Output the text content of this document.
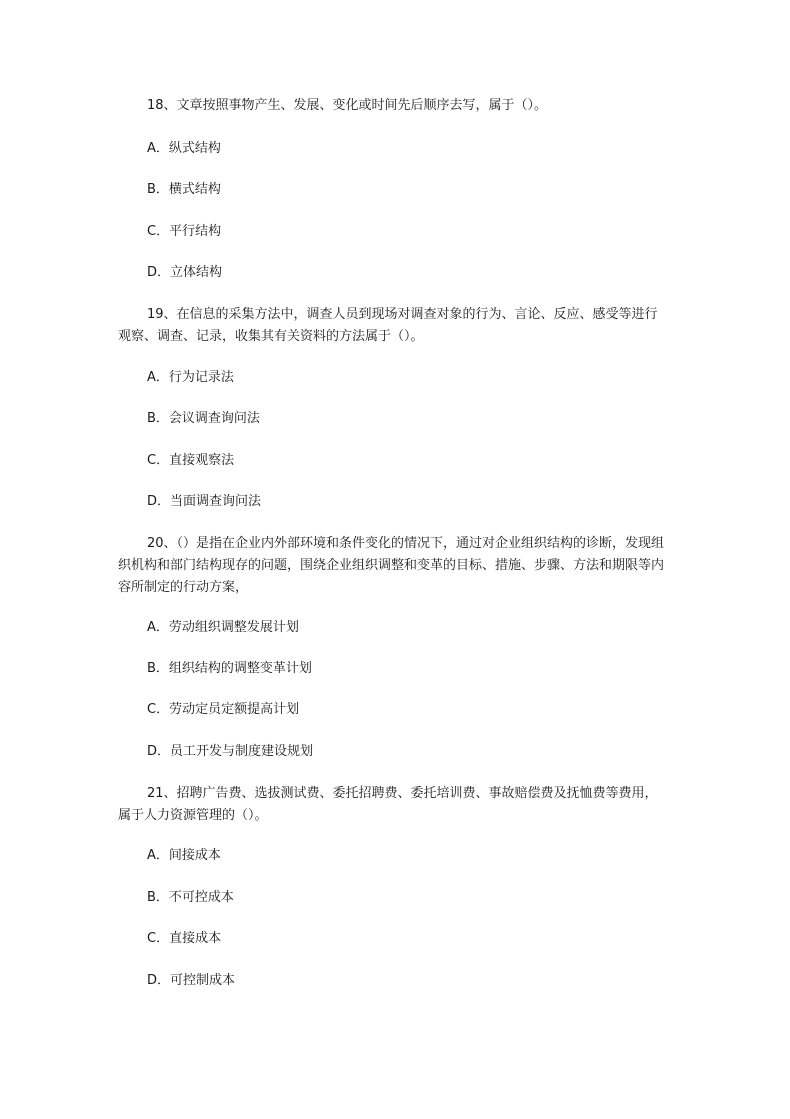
18、文章按照事物产生、发展、变化或时间先后顺序去写，属于（）。

A．纵式结构

B．横式结构

C．平行结构

D．立体结构

19、在信息的采集方法中，调查人员到现场对调查对象的行为、言论、反应、感受等进行观察、调查、记录，收集其有关资料的方法属于（）。

A．行为记录法

B．会议调查询问法

C．直接观察法

D．当面调查询问法

20、（）是指在企业内外部环境和条件变化的情况下，通过对企业组织结构的诊断，发现组织机构和部门结构现存的问题，围绕企业组织调整和变革的目标、措施、步骤、方法和期限等内容所制定的行动方案，

A．劳动组织调整发展计划

B．组织结构的调整变革计划

C．劳动定员定额提高计划

D．员工开发与制度建设规划

21、招聘广告费、选拔测试费、委托招聘费、委托培训费、事故赔偿费及抚恤费等费用，属于人力资源管理的（）。

A．间接成本

B．不可控成本

C．直接成本

D．可控制成本
